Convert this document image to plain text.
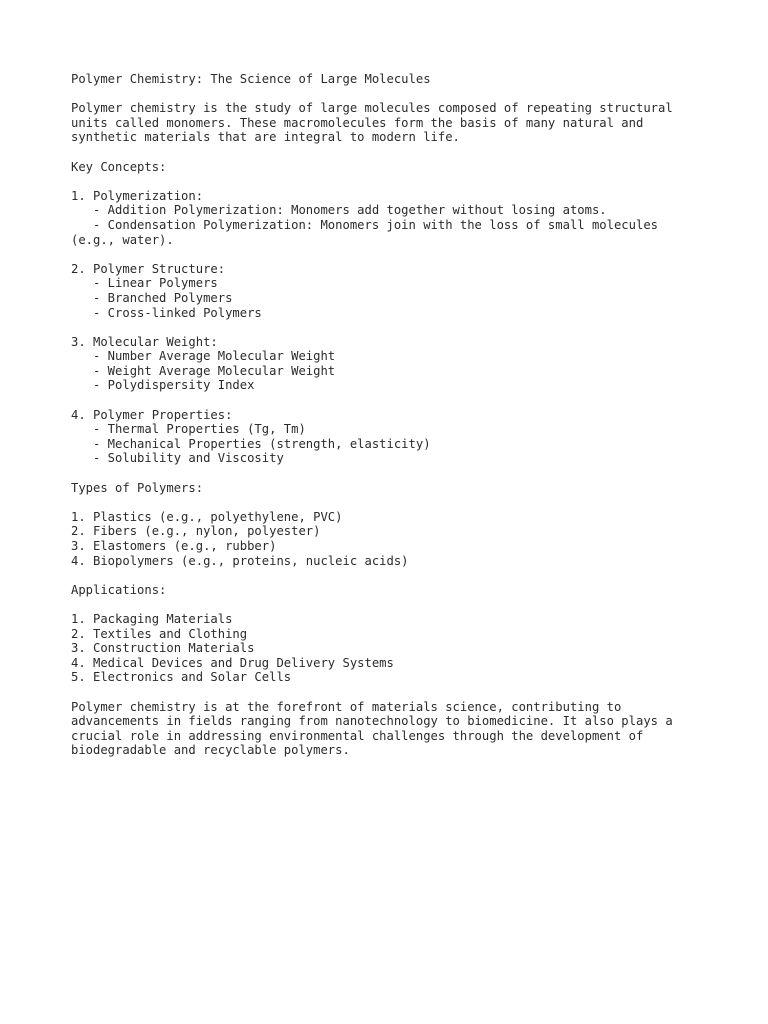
Polymer Chemistry: The Science of Large Molecules
Polymer chemistry is the study of large molecules composed of repeating structural
units called monomers. These macromolecules form the basis of many natural and
synthetic materials that are integral to modern life.
Key Concepts:
1. Polymerization:
- Addition Polymerization: Monomers add together without losing atoms.
- Condensation Polymerization: Monomers join with the loss of small molecules
(e.g., water).
2. Polymer Structure:
- Linear Polymers
- Branched Polymers
- Cross-linked Polymers
3. Molecular Weight:
- Number Average Molecular Weight
- Weight Average Molecular Weight
- Polydispersity Index
4. Polymer Properties:
- Thermal Properties (Tg, Tm)
- Mechanical Properties (strength, elasticity)
- Solubility and Viscosity
Types of Polymers:
1. Plastics (e.g., polyethylene, PVC)
2. Fibers (e.g., nylon, polyester)
3. Elastomers (e.g., rubber)
4. Biopolymers (e.g., proteins, nucleic acids)
Applications:
1. Packaging Materials
2. Textiles and Clothing
3. Construction Materials
4. Medical Devices and Drug Delivery Systems
5. Electronics and Solar Cells
Polymer chemistry is at the forefront of materials science, contributing to
advancements in fields ranging from nanotechnology to biomedicine. It also plays a
crucial role in addressing environmental challenges through the development of
biodegradable and recyclable polymers.
